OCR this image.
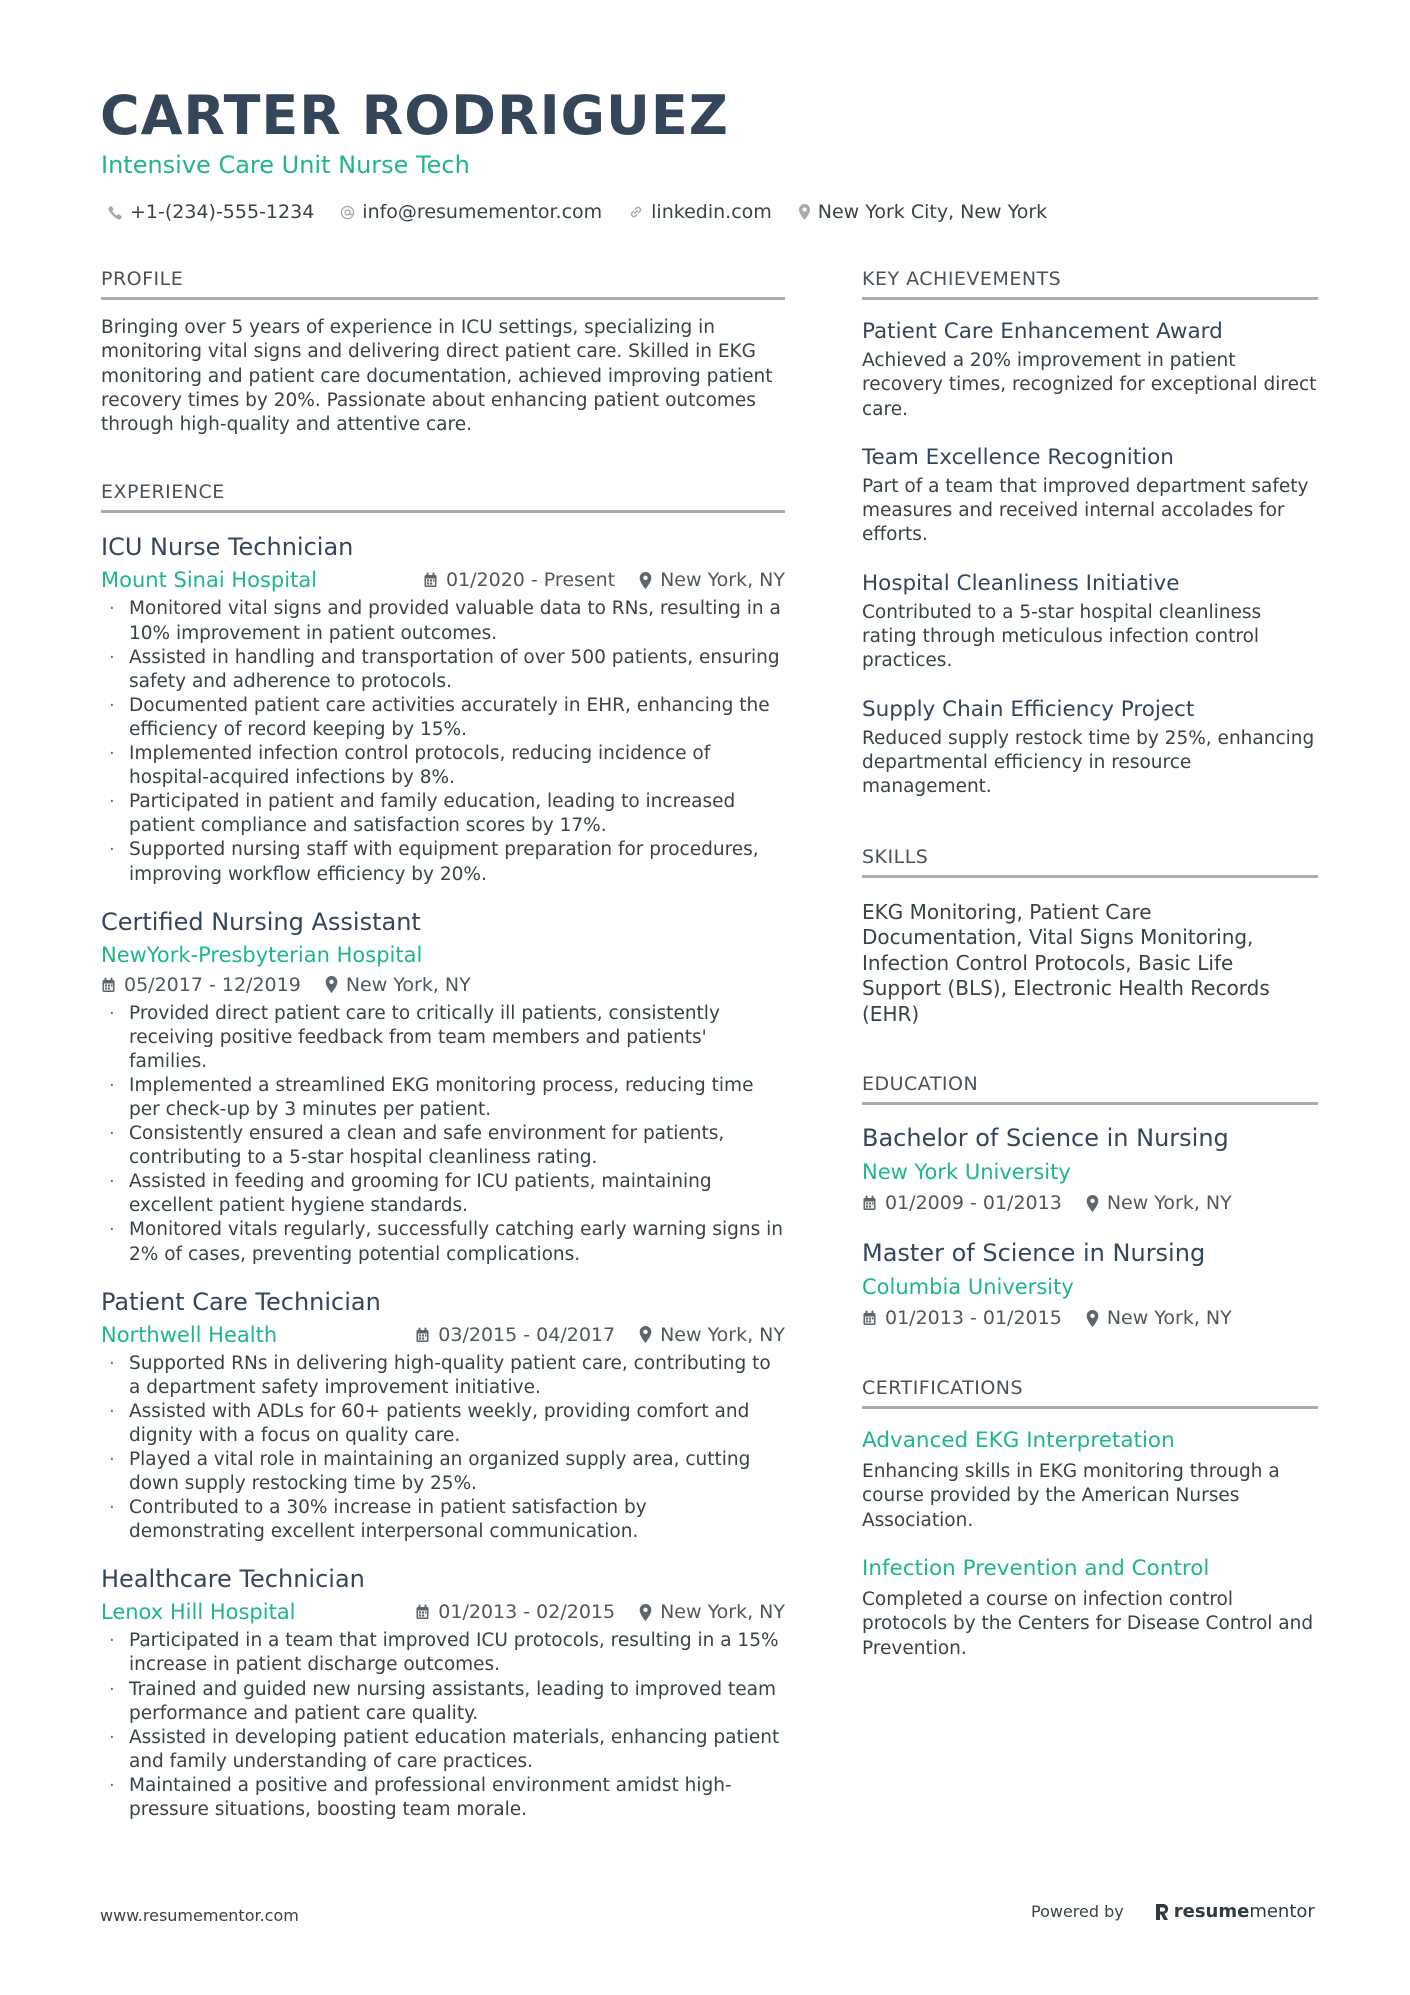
CARTER RODRIGUEZ
Intensive Care Unit Nurse Tech
+1-(234)-555-1234	info@resumementor.com	linkedin.com New York City, New York
PROFILE
Bringing over 5 years of experience in ICU settings, specializing in monitoring vital signs and delivering direct patient care. Skilled in EKG monitoring and patient care documentation, achieved improving patient recovery times by 20%. Passionate about enhancing patient outcomes through high-quality and attentive care.
EXPERIENCE
ICU Nurse Technician
Mount Sinai Hospital	01/2020 - Present New York, NY
· Monitored vital signs and provided valuable data to RNs, resulting in a 10% improvement in patient outcomes.
· Assisted in handling and transportation of over 500 patients, ensuring safety and adherence to protocols.
· Documented patient care activities accurately in EHR, enhancing the efficiency of record keeping by 15%.
· Implemented infection control protocols, reducing incidence of hospital-acquired infections by 8%.
· Participated in patient and family education, leading to increased patient compliance and satisfaction scores by 17%.
· Supported nursing staff with equipment preparation for procedures, improving workflow efficiency by 20%.
Certified Nursing Assistant
NewYork-Presbyterian Hospital
05/2017 - 12/2019 New York, NY
· Provided direct patient care to critically ill patients, consistently receiving positive feedback from team members and patients' families.
· Implemented a streamlined EKG monitoring process, reducing time per check-up by 3 minutes per patient.
· Consistently ensured a clean and safe environment for patients, contributing to a 5-star hospital cleanliness rating.
· Assisted in feeding and grooming for ICU patients, maintaining excellent patient hygiene standards.
· Monitored vitals regularly, successfully catching early warning signs in 2% of cases, preventing potential complications.
Patient Care Technician
Northwell Health	03/2015 - 04/2017 New York, NY
· Supported RNs in delivering high-quality patient care, contributing to a department safety improvement initiative.
· Assisted with ADLs for 60+ patients weekly, providing comfort and dignity with a focus on quality care.
· Played a vital role in maintaining an organized supply area, cutting down supply restocking time by 25%.
· Contributed to a 30% increase in patient satisfaction by demonstrating excellent interpersonal communication.
Healthcare Technician
Lenox Hill Hospital	01/2013 - 02/2015 New York, NY
· Participated in a team that improved ICU protocols, resulting in a 15% increase in patient discharge outcomes.
· Trained and guided new nursing assistants, leading to improved team performance and patient care quality.
· Assisted in developing patient education materials, enhancing patient and family understanding of care practices.
· Maintained a positive and professional environment amidst high-pressure situations, boosting team morale.
KEY ACHIEVEMENTS
Patient Care Enhancement Award
Achieved a 20% improvement in patient recovery times, recognized for exceptional direct care.
Team Excellence Recognition
Part of a team that improved department safety measures and received internal accolades for efforts.
Hospital Cleanliness Initiative
Contributed to a 5-star hospital cleanliness rating through meticulous infection control practices.
Supply Chain Efficiency Project
Reduced supply restock time by 25%, enhancing departmental efficiency in resource management.
SKILLS
EKG Monitoring, Patient Care Documentation, Vital Signs Monitoring, Infection Control Protocols, Basic Life Support (BLS), Electronic Health Records (EHR)
EDUCATION
Bachelor of Science in Nursing
New York University
01/2009 - 01/2013 New York, NY
Master of Science in Nursing
Columbia University
01/2013 - 01/2015 New York, NY
CERTIFICATIONS
Advanced EKG Interpretation
Enhancing skills in EKG monitoring through a course provided by the American Nurses Association.
Infection Prevention and Control
Completed a course on infection control protocols by the Centers for Disease Control and Prevention.
www.resumementor.com	Powered by	resume mentor
